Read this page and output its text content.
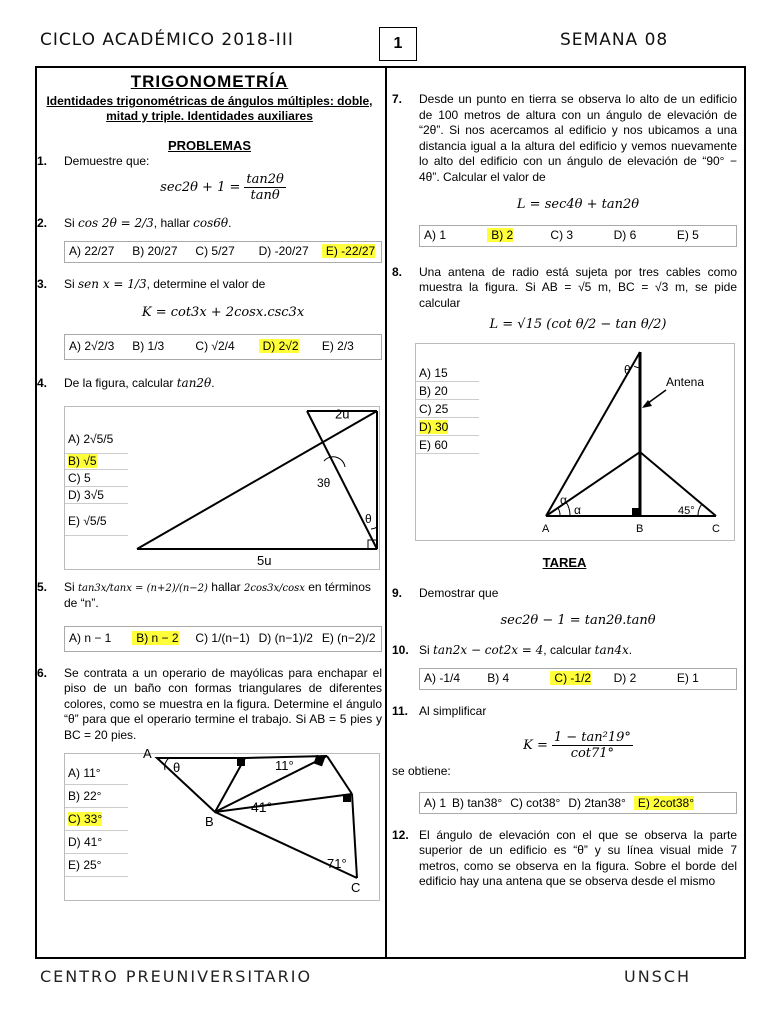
CICLO ACADÉMICO 2018-III	1	SEMANA 08
TRIGONOMETRÍA
Identidades trigonométricas de ángulos múltiples: doble, mitad y triple. Identidades auxiliares
PROBLEMAS
1. Demuestre que:
$\sec 2\theta + 1 = \frac{\tan 2\theta}{\tan\theta}$
2. Si cos 2θ = 2/3, hallar cos6θ.
A) 22/27	B) 20/27	C) 5/27	D) -20/27	E) -22/27
3. Si sen x = 1/3, determine el valor de
K = cot3x + 2cosx.csc3x
A) 2√2/3	B) 1/3	C) √2/4	D) 2√2	E) 2/3
4. De la figura, calcular tan2θ.
A) 2√5/5
B) √5
C) 5
D) 3√5
E) √5/5
2u
5u
3θ
θ
5. Si tan3x/tanx = (n+2)/(n−2) hallar 2cos3x/cosx en términos de “n”.
A) n − 1	B) n − 2	C) 1/(n−1) D) (n−1)/2 E) (n−2)/2
6. Se contrata a un operario de mayólicas para enchapar el piso de un baño con formas triangulares de diferentes colores, como se muestra en la figura. Determine el ángulo “θ” para que el operario termine el trabajo. Si AB = 5 pies y BC = 20 pies.
A) 11°
B) 22°
C) 33°
D) 41°
E) 25°
A
B
C
θ	11°
41°
71°
7. Desde un punto en tierra se observa lo alto de un edificio de 100 metros de altura con un ángulo de elevación de “2θ”. Si nos acercamos al edificio y nos ubicamos a una distancia igual a la altura del edificio y vemos nuevamente lo alto del edificio con un ángulo de elevación de “90° − 4θ”. Calcular el valor de
L = sec4θ + tan2θ
A) 1	B) 2	C) 3	D) 6	E) 5
8. Una antena de radio está sujeta por tres cables como muestra la figura. Si AB = √5 m, BC = √3 m, se pide calcular
L = √15 (cot θ/2 − tan θ/2)
A) 15
B) 20
C) 25
D) 30
E) 60
Antena
θ
α
α	45°
A	B	C
TAREA
9. Demostrar que
sec2θ − 1 = tan2θ.tanθ
10. Si tan2x − cot2x = 4, calcular tan4x.
A) -1/4	B) 4	C) -1/2	D) 2	E) 1
11. Al simplificar
$K = \frac{\text{1 − tan²19°}}{\cot 71^\circ}$
se obtiene:
A) 1 B) tan38° C) cot38° D) 2tan38°	E) 2cot38°
12. El ángulo de elevación con el que se observa la parte superior de un edificio es “θ” y su línea visual mide 7 metros, como se observa en la figura. Sobre el borde del edificio hay una antena que se observa desde el mismo
CENTRO PREUNIVERSITARIO	UNSCH
